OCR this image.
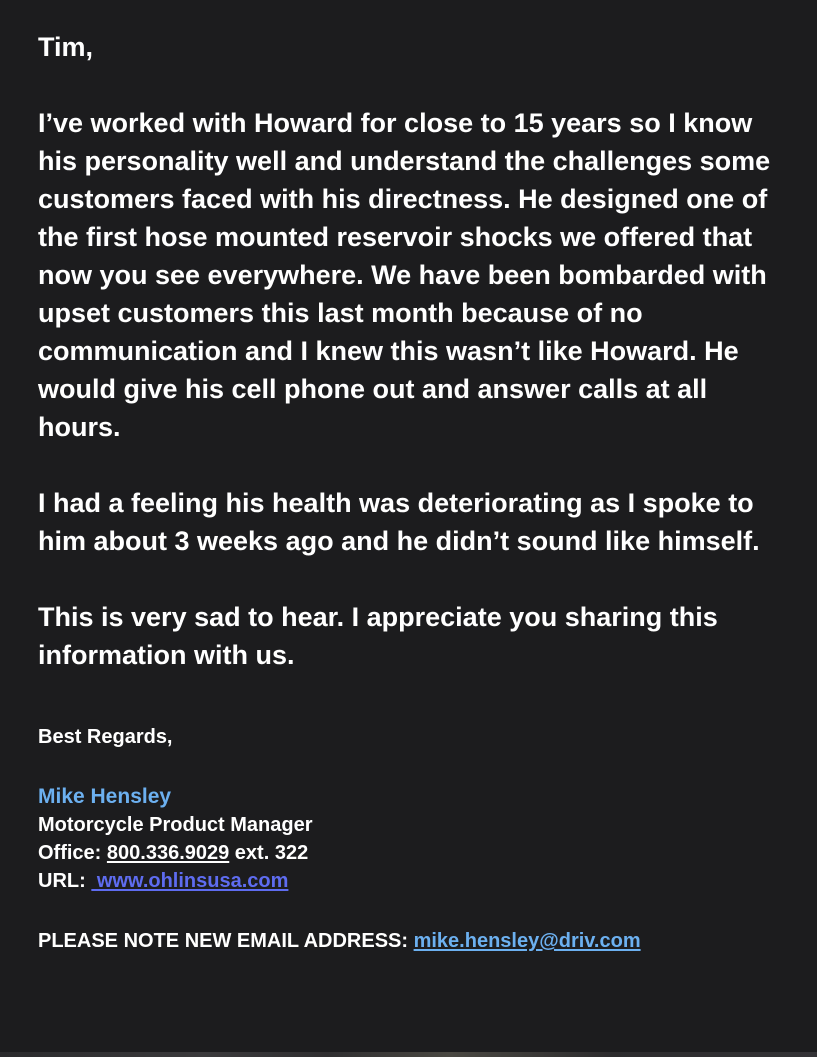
Tim,

I’ve worked with Howard for close to 15 years so I know his personality well and understand the challenges some customers faced with his directness. He designed one of the first hose mounted reservoir shocks we offered that now you see everywhere. We have been bombarded with upset customers this last month because of no communication and I knew this wasn’t like Howard. He would give his cell phone out and answer calls at all hours.

I had a feeling his health was deteriorating as I spoke to him about 3 weeks ago and he didn’t sound like himself.

This is very sad to hear. I appreciate you sharing this information with us.

Best Regards,

Mike Hensley

Motorcycle Product Manager

Office: 800.336.9029 ext. 322

URL:  www.ohlinsusa.com

PLEASE NOTE NEW EMAIL ADDRESS: mike.hensley@driv.com
